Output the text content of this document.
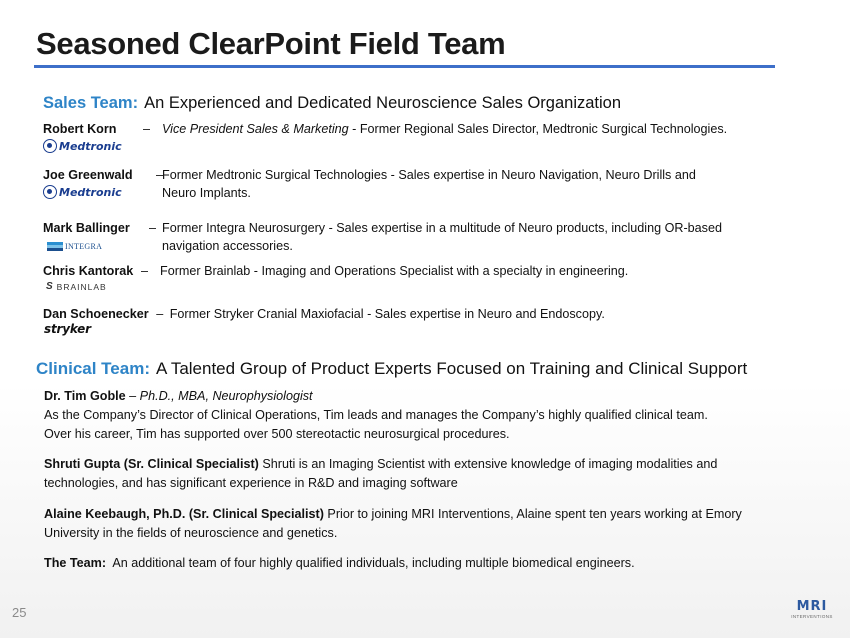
Seasoned ClearPoint Field Team
Sales Team: An Experienced and Dedicated Neuroscience Sales Organization
Robert Korn – Vice President Sales & Marketing - Former Regional Sales Director, Medtronic Surgical Technologies.
Medtronic
Joe Greenwald –
Former Medtronic Surgical Technologies - Sales expertise in Neuro Navigation, Neuro Drills and
Neuro Implants.
Medtronic
Mark Ballinger – Former Integra Neurosurgery - Sales expertise in a multitude of Neuro products, including OR-based
navigation accessories.
INTEGRA
Chris Kantorak – Former Brainlab - Imaging and Operations Specialist with a specialty in engineering.
S BRAINLAB
Dan Schoenecker – Former Stryker Cranial Maxiofacial - Sales expertise in Neuro and Endoscopy.
stryker
Clinical Team: A Talented Group of Product Experts Focused on Training and Clinical Support
Dr. Tim Goble – Ph.D., MBA, Neurophysiologist
As the Company’s Director of Clinical Operations, Tim leads and manages the Company’s highly qualified clinical team.
Over his career, Tim has supported over 500 stereotactic neurosurgical procedures.
Shruti Gupta (Sr. Clinical Specialist) Shruti is an Imaging Scientist with extensive knowledge of imaging modalities and technologies, and has significant experience in R&D and imaging software
Alaine Keebaugh, Ph.D. (Sr. Clinical Specialist) Prior to joining MRI Interventions, Alaine spent ten years working at Emory University in the fields of neuroscience and genetics.
The Team:  An additional team of four highly qualified individuals, including multiple biomedical engineers.
25	MRI
INTERVENTIONS
